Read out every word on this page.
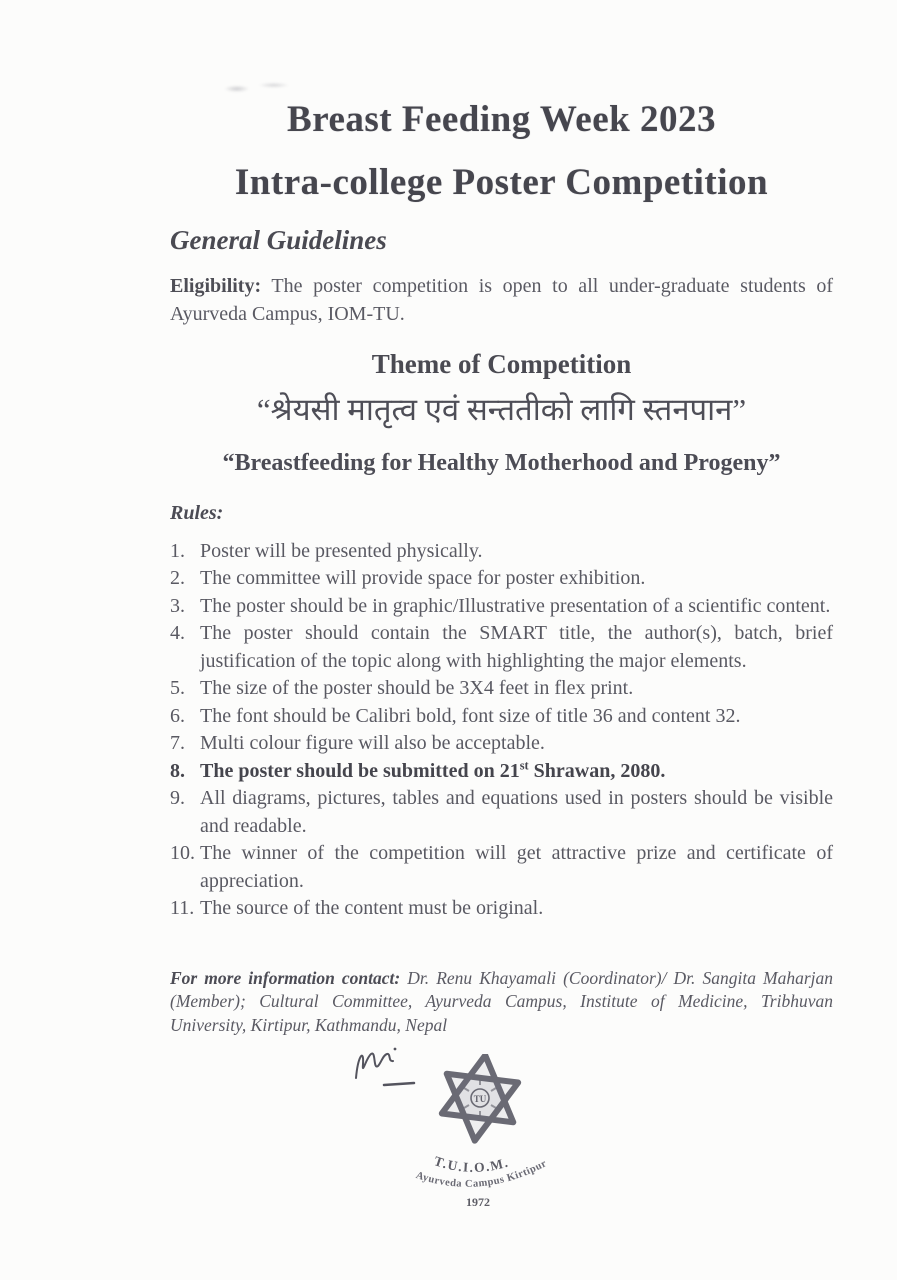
Breast Feeding Week 2023
Intra-college Poster Competition
General Guidelines

Eligibility: The poster competition is open to all under-graduate students of Ayurveda Campus, IOM-TU.

Theme of Competition
“श्रेयसी मातृत्व एवं सन्ततीको लागि स्तनपान”
“Breastfeeding for Healthy Motherhood and Progeny”
Rules:
1. Poster will be presented physically.
2. The committee will provide space for poster exhibition.
3. The poster should be in graphic/Illustrative presentation of a scientific content.
4. The poster should contain the SMART title, the author(s), batch, brief justification of the topic along with highlighting the major elements.
5. The size of the poster should be 3X4 feet in flex print.
6. The font should be Calibri bold, font size of title 36 and content 32.
7. Multi colour figure will also be acceptable.
8. The poster should be submitted on 21st Shrawan, 2080.
9. All diagrams, pictures, tables and equations used in posters should be visible and readable.
10. The winner of the competition will get attractive prize and certificate of appreciation.
11. The source of the content must be original.

For more information contact: Dr. Renu Khayamali (Coordinator)/ Dr. Sangita Maharjan (Member); Cultural Committee, Ayurveda Campus, Institute of Medicine, Tribhuvan University, Kirtipur, Kathmandu, Nepal

TU
T.U.I.O.M.
Ayurveda Campus Kirtipur
1972
